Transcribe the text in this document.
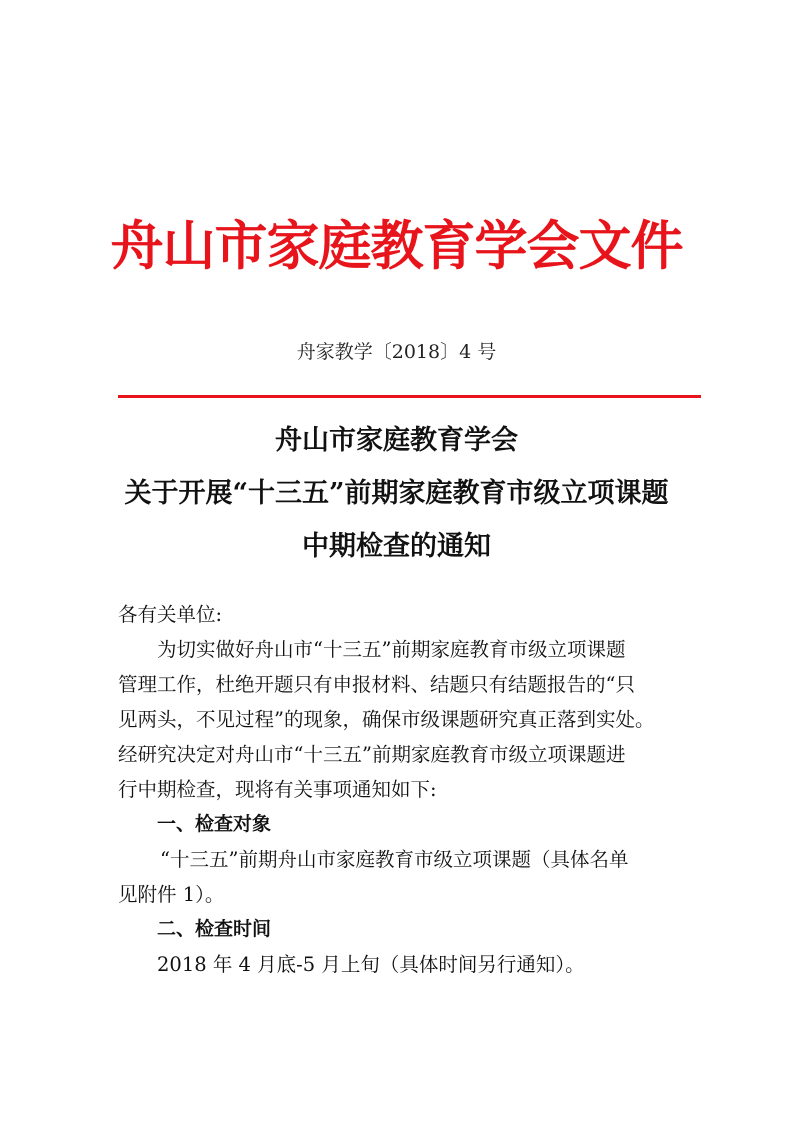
舟山市家庭教育学会文件
舟家教学〔2018〕4 号
舟山市家庭教育学会
关于开展“十三五”前期家庭教育市级立项课题
中期检查的通知
各有关单位:
为切实做好舟山市“十三五”前期家庭教育市级立项课题
管理工作，杜绝开题只有申报材料、结题只有结题报告的“只
见两头，不见过程”的现象，确保市级课题研究真正落到实处。
经研究决定对舟山市“十三五”前期家庭教育市级立项课题进
行中期检查，现将有关事项通知如下:
一、检查对象
“十三五”前期舟山市家庭教育市级立项课题（具体名单
见附件 1）。
二、检查时间
2018 年 4 月底-5 月上旬（具体时间另行通知）。
